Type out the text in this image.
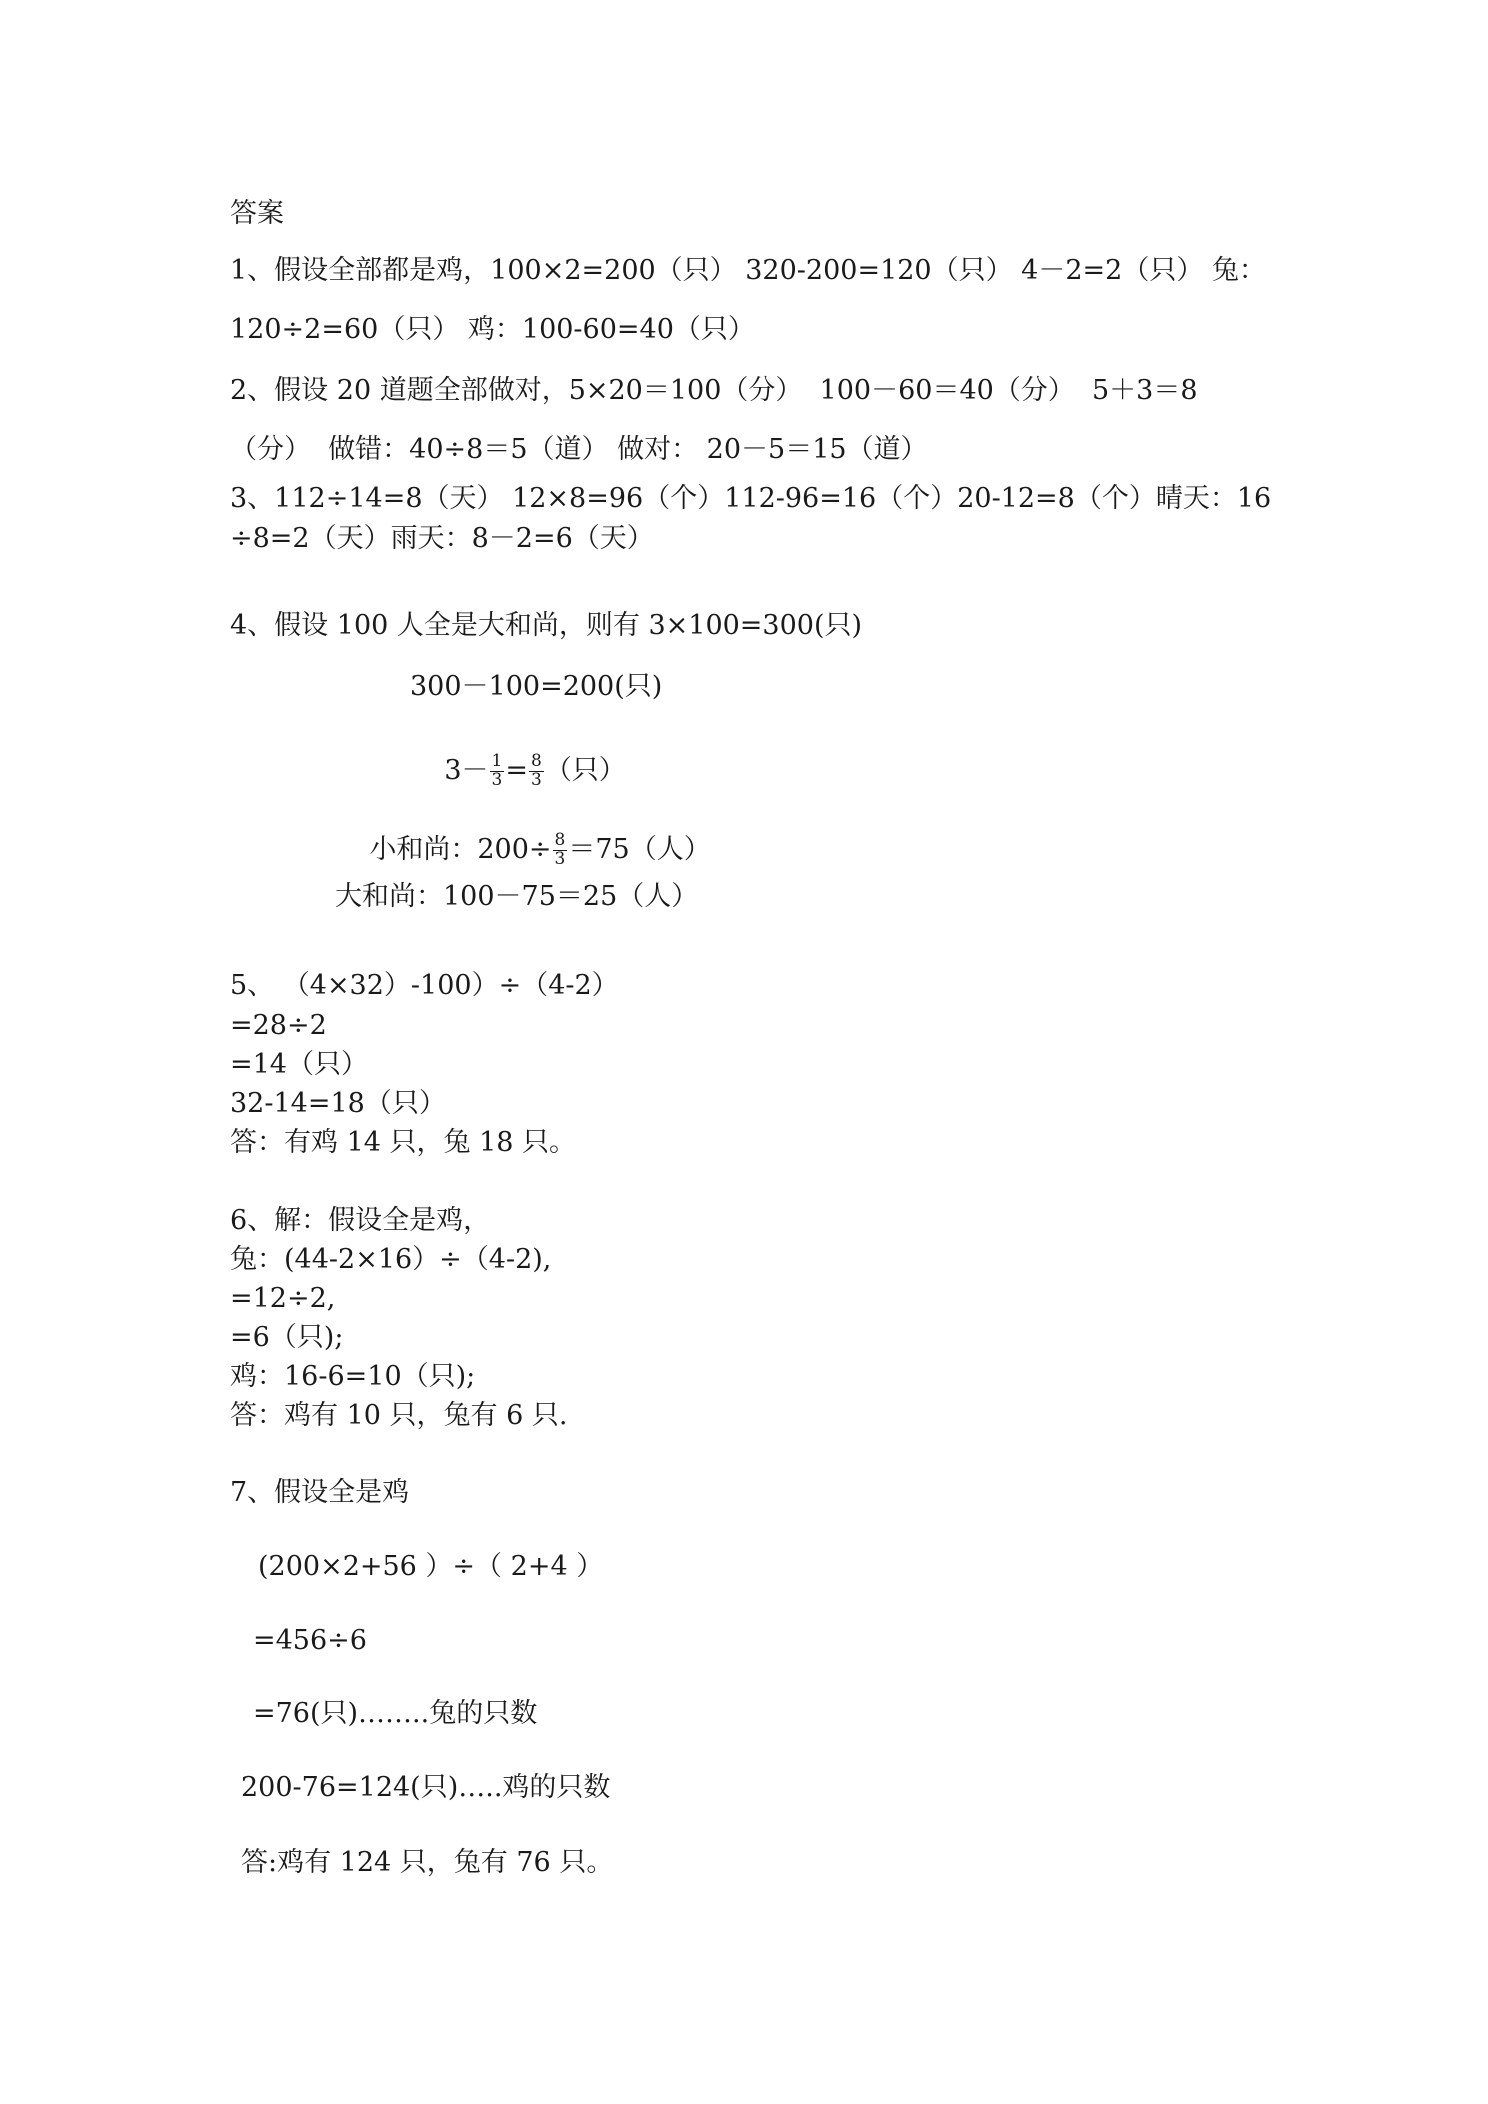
答案
1、假设全部都是鸡，100×2=200（只） 320-200=120（只） 4－2=2（只） 兔：
120÷2=60（只） 鸡：100-60=40（只）
2、假设 20 道题全部做对，5×20＝100（分）  100－60＝40（分）  5＋3＝8
（分）  做错：40÷8＝5（道） 做对： 20－5＝15（道）
3、112÷14=8（天） 12×8=96（个）112-96=16（个）20-12=8（个）晴天：16
÷8=2（天）雨天：8－2=6（天）
4、假设 100 人全是大和尚，则有 3×100=300(只)
300－100=200(只)

$3- \frac{1}{3} = \frac{8}{3}$ （只）

小和尚：$200\div \frac{8}{3} =75$（人）

大和尚：100－75＝25（人）
5、 （4×32）-100）÷（4-2）
=28÷2
=14（只）
32-14=18（只）
答：有鸡 14 只，兔 18 只。
6、解：假设全是鸡，
兔：(44-2×16）÷（4-2),
=12÷2,
=6（只);
鸡：16-6=10（只);
答：鸡有 10 只，兔有 6 只.
7、假设全是鸡
(200×2+56 ）÷（ 2+4 ）
=456÷6
=76(只)……..兔的只数
200-76=124(只)…..鸡的只数
答:鸡有 124 只，兔有 76 只。
